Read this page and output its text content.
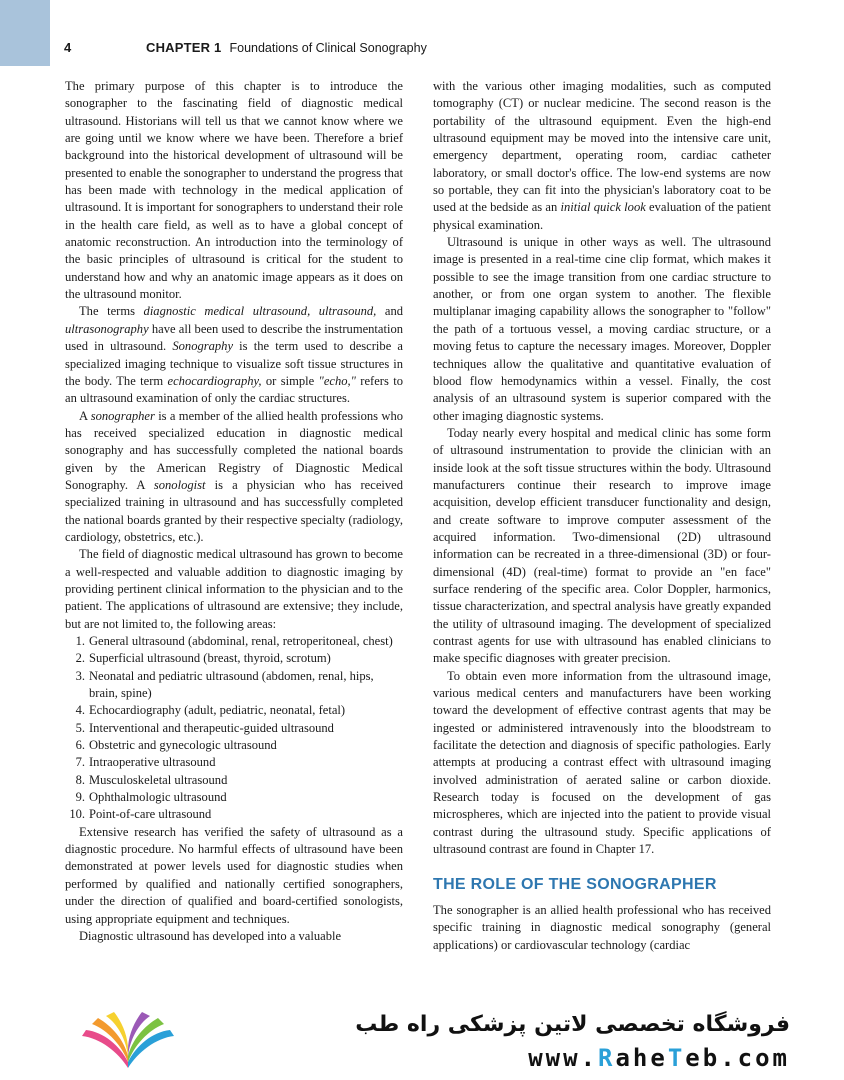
4	CHAPTER 1 Foundations of Clinical Sonography

The primary purpose of this chapter is to introduce the sonographer to the fascinating field of diagnostic medical ultrasound. Historians will tell us that we cannot know where we are going until we know where we have been. Therefore a brief background into the historical development of ultrasound will be presented to enable the sonographer to understand the progress that has been made with technology in the medical application of ultrasound. It is important for sonographers to understand their role in the health care field, as well as to have a global concept of anatomic reconstruction. An introduction into the terminology of the basic principles of ultrasound is critical for the student to understand how and why an anatomic image appears as it does on the ultrasound monitor.

The terms diagnostic medical ultrasound, ultrasound, and ultrasonography have all been used to describe the instrumentation used in ultrasound. Sonography is the term used to describe a specialized imaging technique to visualize soft tissue structures in the body. The term echocardiography, or simple "echo," refers to an ultrasound examination of only the cardiac structures.

A sonographer is a member of the allied health professions who has received specialized education in diagnostic medical sonography and has successfully completed the national boards given by the American Registry of Diagnostic Medical Sonography. A sonologist is a physician who has received specialized training in ultrasound and has successfully completed the national boards granted by their respective specialty (radiology, cardiology, obstetrics, etc.).

The field of diagnostic medical ultrasound has grown to become a well-respected and valuable addition to diagnostic imaging by providing pertinent clinical information to the physician and to the patient. The applications of ultrasound are extensive; they include, but are not limited to, the following areas:

1. General ultrasound (abdominal, renal, retroperitoneal, chest)
2. Superficial ultrasound (breast, thyroid, scrotum)
3. Neonatal and pediatric ultrasound (abdomen, renal, hips, brain, spine)
4. Echocardiography (adult, pediatric, neonatal, fetal)
5. Interventional and therapeutic-guided ultrasound
6. Obstetric and gynecologic ultrasound
7. Intraoperative ultrasound
8. Musculoskeletal ultrasound
9. Ophthalmologic ultrasound
10. Point-of-care ultrasound

Extensive research has verified the safety of ultrasound as a diagnostic procedure. No harmful effects of ultrasound have been demonstrated at power levels used for diagnostic studies when performed by qualified and nationally certified sonographers, under the direction of qualified and board-certified sonologists, using appropriate equipment and techniques.

Diagnostic ultrasound has developed into a valuable

with the various other imaging modalities, such as computed tomography (CT) or nuclear medicine. The second reason is the portability of the ultrasound equipment. Even the high-end ultrasound equipment may be moved into the intensive care unit, emergency department, operating room, cardiac catheter laboratory, or small doctor's office. The low-end systems are now so portable, they can fit into the physician's laboratory coat to be used at the bedside as an initial quick look evaluation of the patient physical examination.

Ultrasound is unique in other ways as well. The ultrasound image is presented in a real-time cine clip format, which makes it possible to see the image transition from one cardiac structure to another, or from one organ system to another. The flexible multiplanar imaging capability allows the sonographer to "follow" the path of a tortuous vessel, a moving cardiac structure, or a moving fetus to capture the necessary images. Moreover, Doppler techniques allow the qualitative and quantitative evaluation of blood flow hemodynamics within a vessel. Finally, the cost analysis of an ultrasound system is superior compared with the other imaging diagnostic systems.

Today nearly every hospital and medical clinic has some form of ultrasound instrumentation to provide the clinician with an inside look at the soft tissue structures within the body. Ultrasound manufacturers continue their research to improve image acquisition, develop efficient transducer functionality and design, and create software to improve computer assessment of the acquired information. Two-dimensional (2D) ultrasound information can be recreated in a three-dimensional (3D) or four-dimensional (4D) (real-time) format to provide an "en face" surface rendering of the specific area. Color Doppler, harmonics, tissue characterization, and spectral analysis have greatly expanded the utility of ultrasound imaging. The development of specialized contrast agents for use with ultrasound has enabled clinicians to make specific diagnoses with greater precision.

To obtain even more information from the ultrasound image, various medical centers and manufacturers have been working toward the development of effective contrast agents that may be ingested or administered intravenously into the bloodstream to facilitate the detection and diagnosis of specific pathologies. Early attempts at producing a contrast effect with ultrasound imaging involved administration of aerated saline or carbon dioxide. Research today is focused on the development of gas microspheres, which are injected into the patient to provide visual contrast during the ultrasound study. Specific applications of ultrasound contrast are found in Chapter 17.

THE ROLE OF THE SONOGRAPHER

The sonographer is an allied health professional who has received specific training in diagnostic medical sonography (general applications) or cardiovascular technology (cardiac

فروشگاه تخصصی لاتین پزشکی راه طب
www.RaheTeb.com
